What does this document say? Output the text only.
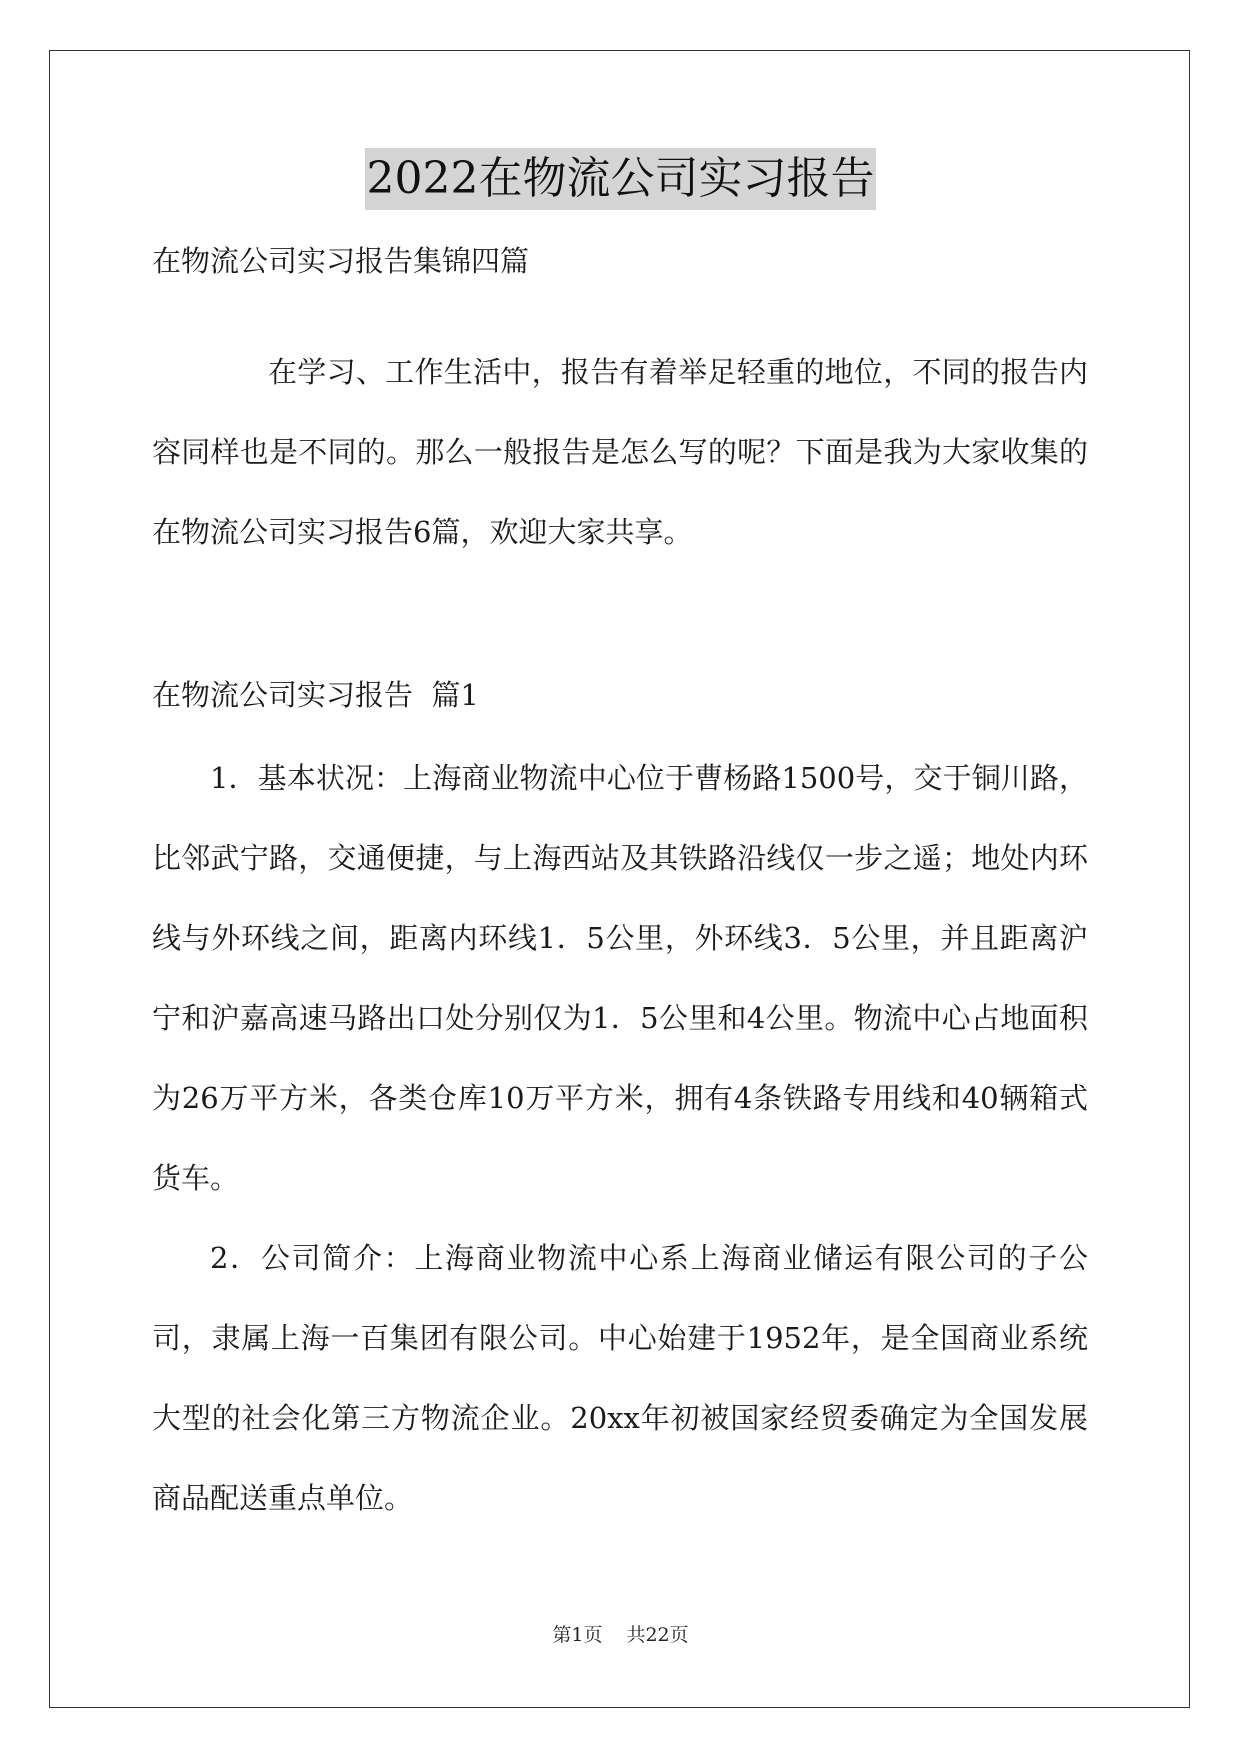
2022在物流公司实习报告
在物流公司实习报告集锦四篇

在学习、工作生活中，报告有着举足轻重的地位，不同的报告内容同样也是不同的。那么一般报告是怎么写的呢？下面是我为大家收集的在物流公司实习报告6篇，欢迎大家共享。

在物流公司实习报告  篇1

1．基本状况：上海商业物流中心位于曹杨路1500号，交于铜川路，比邻武宁路，交通便捷，与上海西站及其铁路沿线仅一步之遥；地处内环线与外环线之间，距离内环线1．5公里，外环线3．5公里，并且距离沪宁和沪嘉高速马路出口处分别仅为1．5公里和4公里。物流中心占地面积为26万平方米，各类仓库10万平方米，拥有4条铁路专用线和40辆箱式货车。

2．公司简介：上海商业物流中心系上海商业储运有限公司的子公司，隶属上海一百集团有限公司。中心始建于1952年，是全国商业系统大型的社会化第三方物流企业。20xx年初被国家经贸委确定为全国发展商品配送重点单位。

第1页 共22页
